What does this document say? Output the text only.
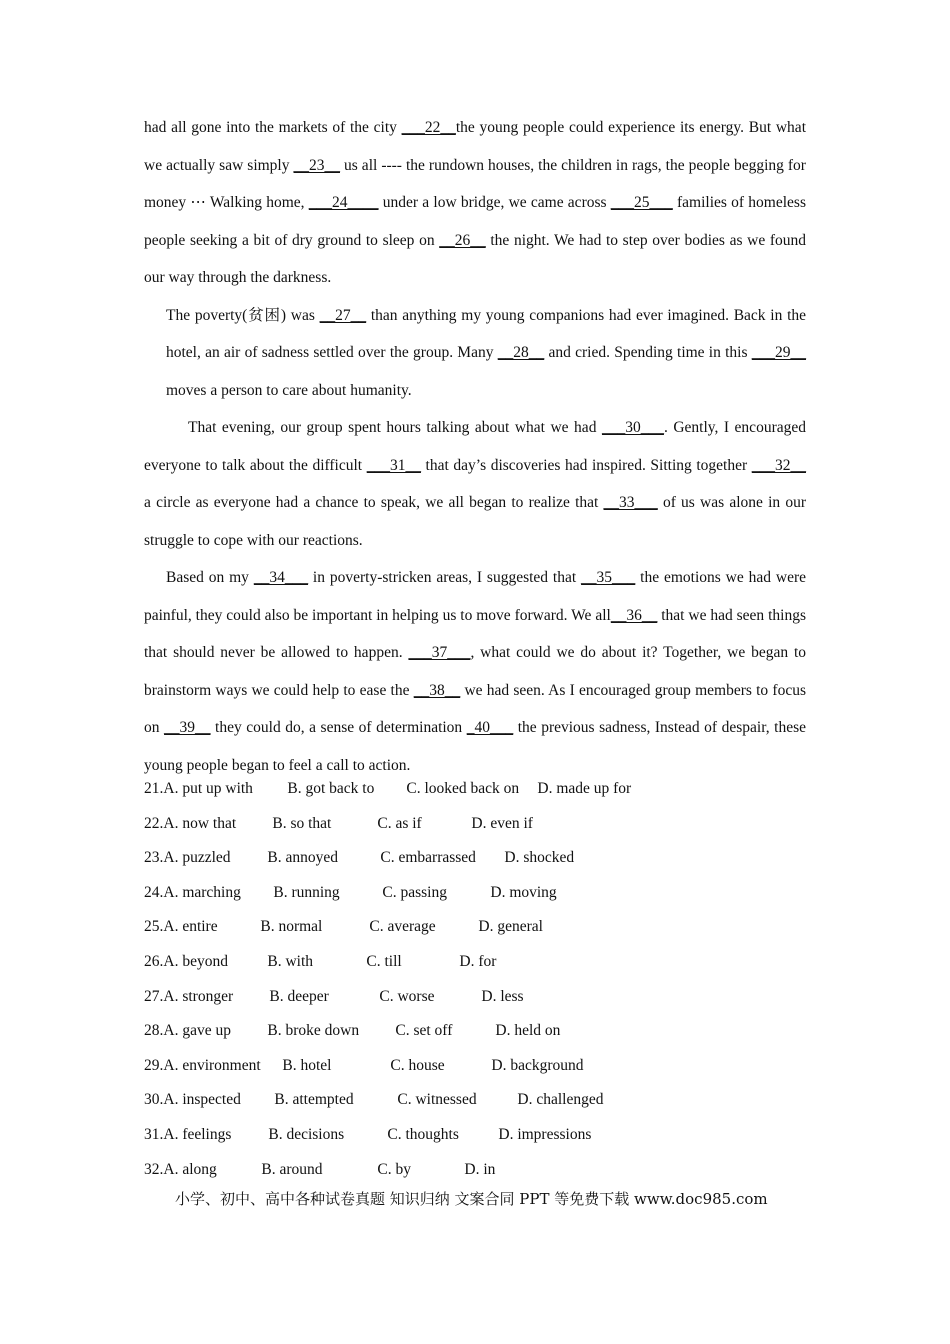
had all gone into the markets of the city ___22__the young people could experience its energy. But what we actually saw simply __23__ us all ---- the rundown houses, the children in rags, the people begging for money ⋯ Walking home, ___24____ under a low bridge, we came across ___25___ families of homeless people seeking a bit of dry ground to sleep on __26__ the night. We had to step over bodies as we found our way through the darkness.

The poverty(贫困) was __27__ than anything my young companions had ever imagined. Back in the hotel, an air of sadness settled over the group. Many __28__ and cried. Spending time in this ___29__ moves a person to care about humanity.

That evening, our group spent hours talking about what we had ___30___. Gently, I encouraged everyone to talk about the difficult ___31__ that day’s discoveries had inspired. Sitting together ___32__ a circle as everyone had a chance to speak, we all began to realize that __33___ of us was alone in our struggle to cope with our reactions.

Based on my __34___ in poverty-stricken areas, I suggested that __35___ the emotions we had were painful, they could also be important in helping us to move forward. We all__36__ that we had seen things that should never be allowed to happen. ___37___, what could we do about it? Together, we began to brainstorm ways we could help to ease the __38__ we had seen. As I encouraged group members to focus on __39__ they could do, a sense of determination _40___ the previous sadness, Instead of despair, these young people began to feel a call to action.

21.A. put up with B. got back to C. looked back on D. made up for
22.A. now that B. so that	C. as if	D. even if
23.A. puzzled B. annoyed	C. embarrassed D. shocked
24.A. marching B. running	C. passing	D. moving
25.A. entire	B. normal	C. average	D. general
26.A. beyond	B. with	C. till	D. for
27.A. stronger B. deeper	C. worse	D. less
28.A. gave up B. broke down C. set off	D. held on
29.A. environment B. hotel	C. house	D. background
30.A. inspected B. attempted	C. witnessed	D. challenged
31.A. feelings B. decisions	C. thoughts	D. impressions
32.A. along	B. around	C. by	D. in
小学、初中、高中各种试卷真题 知识归纳 文案合同 PPT 等免费下载 www.doc985.com
